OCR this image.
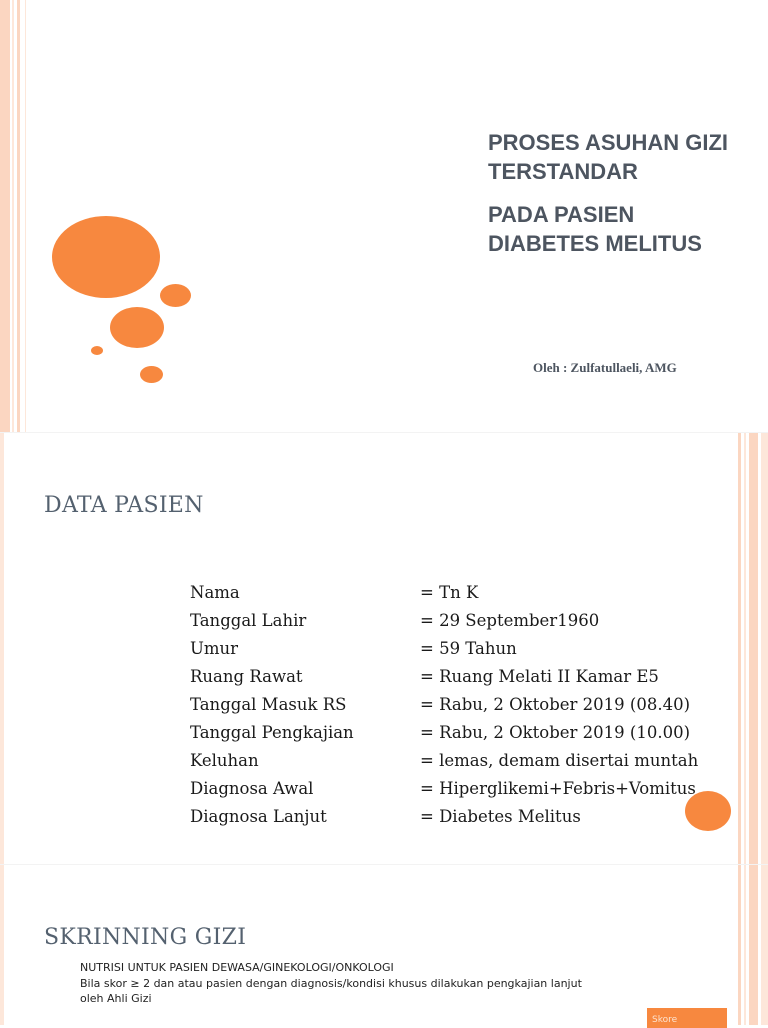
PROSES ASUHAN GIZI
TERSTANDAR

PADA PASIEN
DIABETES MELITUS
Oleh : Zulfatullaeli, AMG
DATA PASIEN
Nama	= Tn K
Tanggal Lahir	= 29 September1960
Umur	= 59 Tahun
Ruang Rawat	= Ruang Melati II Kamar E5
Tanggal Masuk RS	= Rabu, 2 Oktober 2019 (08.40)
Tanggal Pengkajian	= Rabu, 2 Oktober 2019 (10.00)
Keluhan	= lemas, demam disertai muntah
Diagnosa Awal	= Hiperglikemi+Febris+Vomitus
Diagnosa Lanjut	= Diabetes Melitus
SKRINNING GIZI
NUTRISI UNTUK PASIEN DEWASA/GINEKOLOGI/ONKOLOGI
Bila skor ≥ 2 dan atau pasien dengan diagnosis/kondisi khusus dilakukan pengkajian lanjut
oleh Ahli Gizi
Skore
